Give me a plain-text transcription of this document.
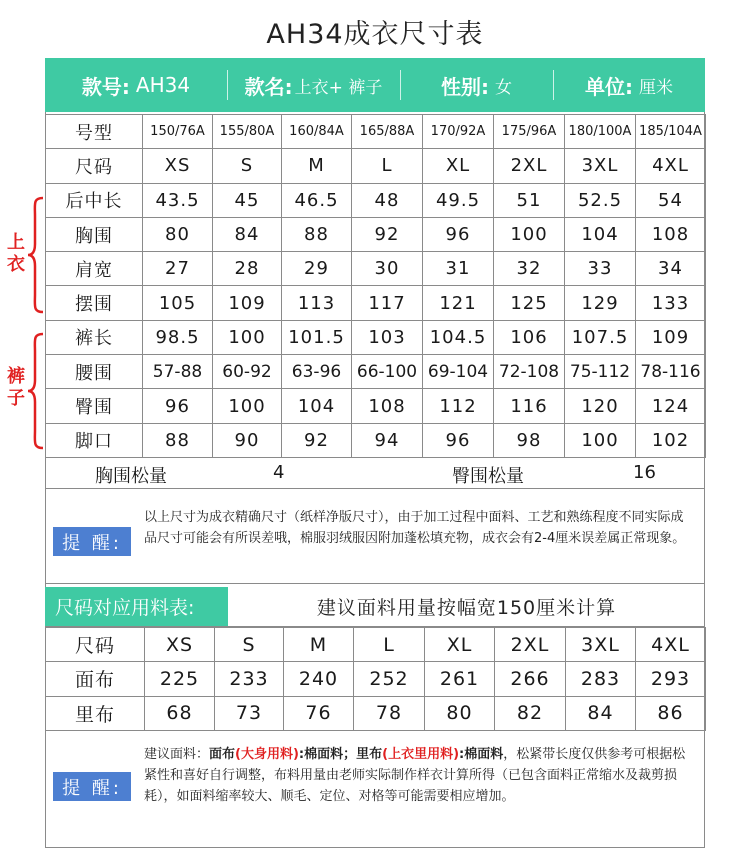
AH34成衣尺寸表
款号: AH34	款名: 上衣+ 裤子	性别: 女	单位: 厘米
号型	150/76A	155/80A	160/84A	165/88A	170/92A	175/96A	180/100A	185/104A
尺码	XS	S	M	L	XL	2XL	3XL	4XL
后中长	43.5	45	46.5	48	49.5	51	52.5	54
胸围	80	84	88	92	96	100	104	108
肩宽	27	28	29	30	31	32	33	34
摆围	105	109	113	117	121	125	129	133
裤长	98.5	100	101.5	103	104.5	106	107.5	109
腰围	57-88	60-92	63-96	66-100	69-104	72-108	75-112	78-116
臀围	96	100	104	108	112	116	120	124
脚口	88	90	92	94	96	98	100	102
上衣
裤子
胸围松量	4	臀围松量	16
提 醒:
以上尺寸为成衣精确尺寸（纸样净版尺寸），由于加工过程中面料、工艺和熟练程度不同实际成品尺寸可能会有所误差哦，棉服羽绒服因附加蓬松填充物，成衣会有2-4厘米误差属正常现象。
尺码对应用料表:	建议面料用量按幅宽150厘米计算
尺码	XS	S	M	L	XL	2XL	3XL	4XL
面布	225	233	240	252	261	266	283	293
里布	68	73	76	78	80	82	84	86
提 醒:
建议面料：面布(大身用料):棉面料；里布(上衣里用料):棉面料，松紧带长度仅供参考可根据松紧性和喜好自行调整，布料用量由老师实际制作样衣计算所得（已包含面料正常缩水及裁剪损耗），如面料缩率较大、顺毛、定位、对格等可能需要相应增加。
